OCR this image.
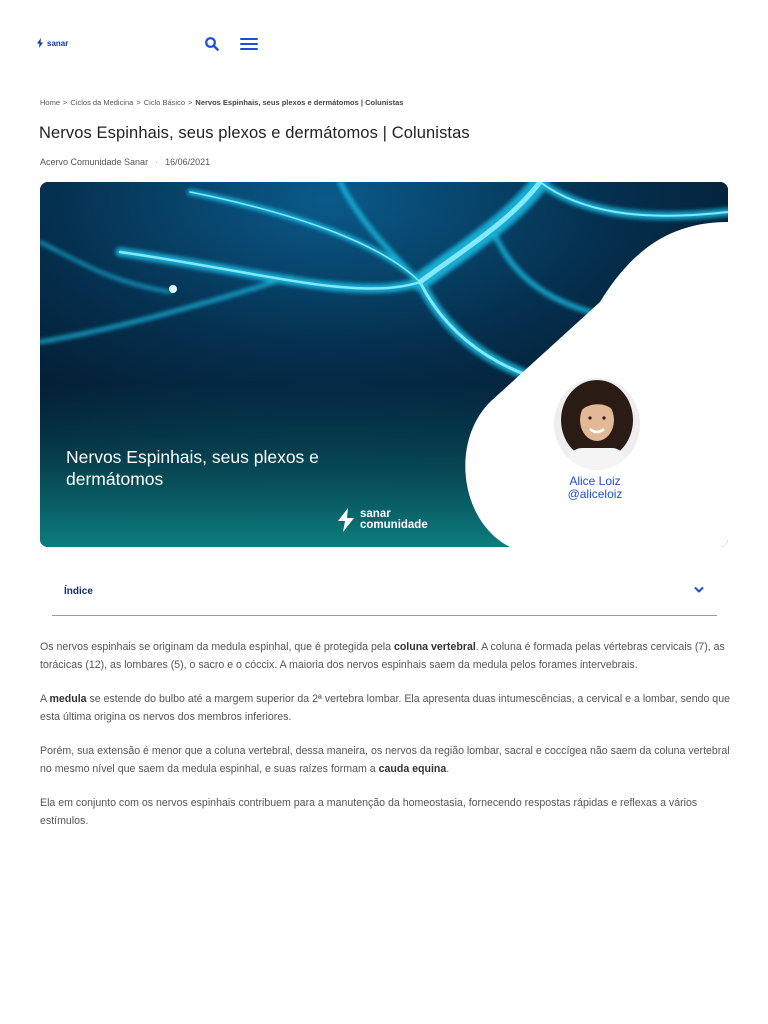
sanar
Home > Ciclos da Medicina > Ciclo Básico > Nervos Espinhais, seus plexos e dermátomos | Colunistas
Nervos Espinhais, seus plexos e dermátomos | Colunistas
Acervo Comunidade Sanar · 16/06/2021
Nervos Espinhais, seus plexos e dermátomos
sanar
comunidade
Alice Loiz
@aliceloiz
Índice

Os nervos espinhais se originam da medula espinhal, que é protegida pela coluna vertebral. A coluna é formada pelas vértebras cervicais (7), as torácicas (12), as lombares (5), o sacro e o cóccix. A maioria dos nervos espinhais saem da medula pelos forames intervebrais.

A medula se estende do bulbo até a margem superior da 2ª vertebra lombar. Ela apresenta duas intumescências, a cervical e a lombar, sendo que esta última origina os nervos dos membros inferiores.

Porém, sua extensão é menor que a coluna vertebral, dessa maneira, os nervos da região lombar, sacral e coccígea não saem da coluna vertebral no mesmo nível que saem da medula espinhal, e suas raízes formam a cauda equina.

Ela em conjunto com os nervos espinhais contribuem para a manutenção da homeostasia, fornecendo respostas rápidas e reflexas a vários estímulos.
